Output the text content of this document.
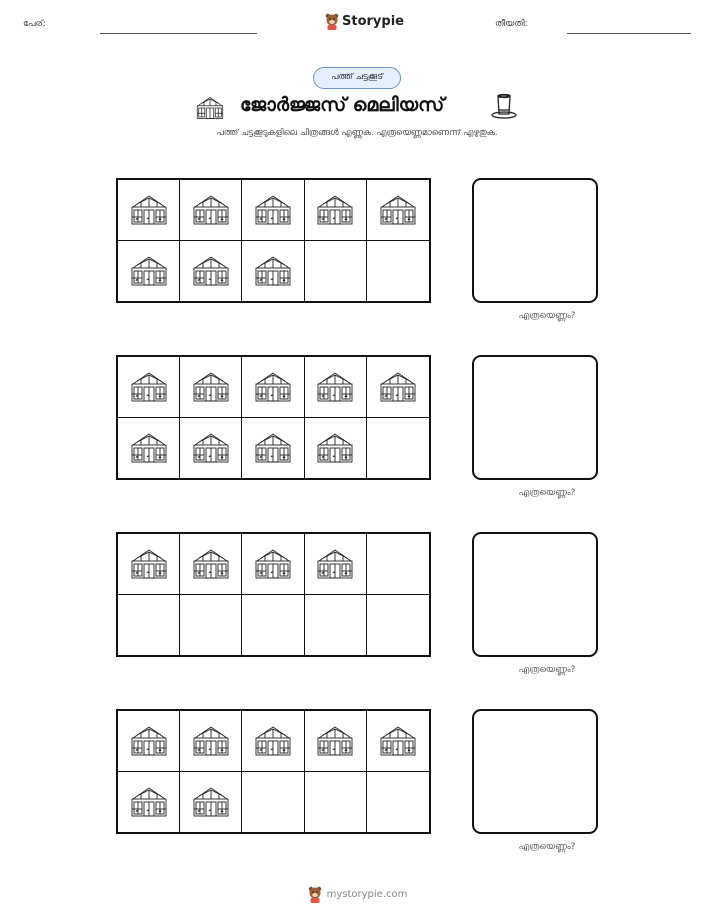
പേര്:	Storypie	തീയതി:
പത്ത് ചട്ടക്കൂട്
ജോർജ്ജസ് മെലിയസ്
പത്ത് ചട്ടക്കൂടുകളിലെ ചിത്രങ്ങൾ എണ്ണുക. എത്രയെണ്ണമാണെന്ന് എഴുതുക.
എത്രയെണ്ണം?
എത്രയെണ്ണം?
എത്രയെണ്ണം?
എത്രയെണ്ണം?
mystorypie.com
